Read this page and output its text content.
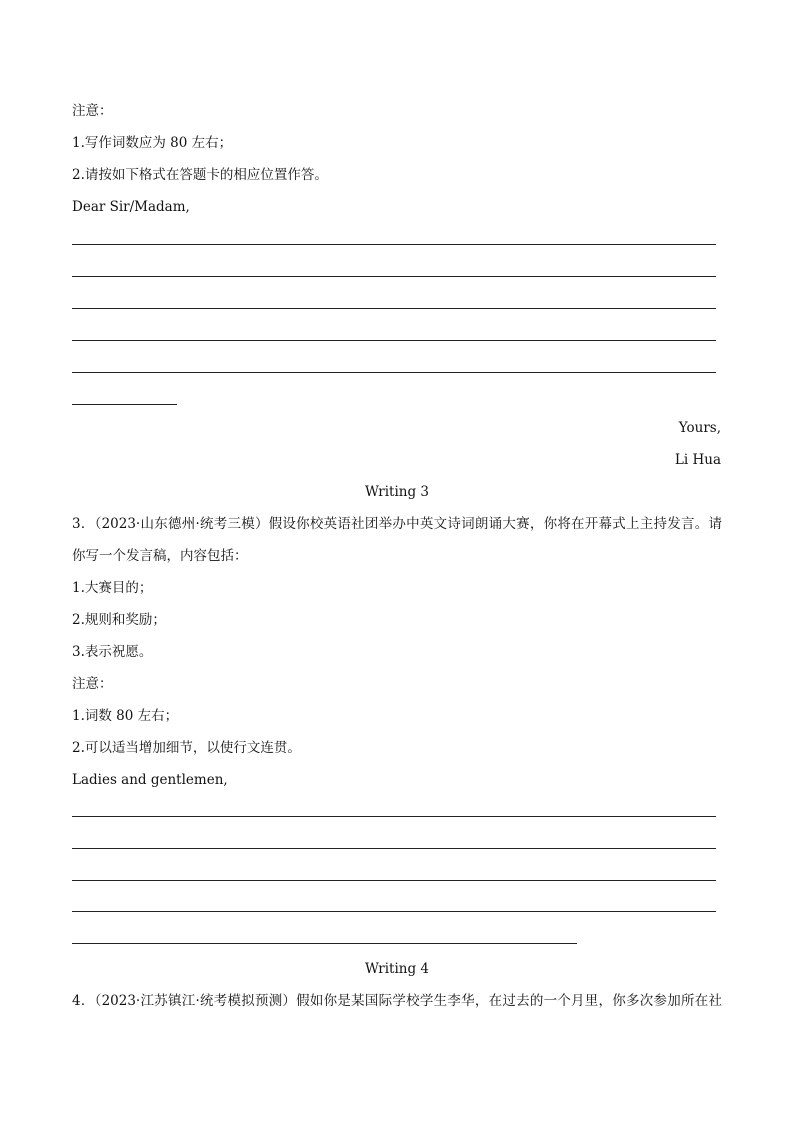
注意：
1.写作词数应为 80 左右；
2.请按如下格式在答题卡的相应位置作答。
Dear Sir/Madam,
Yours,
Li Hua
Writing 3
3．（2023·山东德州·统考三模）假设你校英语社团举办中英文诗词朗诵大赛，你将在开幕式上主持发言。请
你写一个发言稿，内容包括：
1.大赛目的；
2.规则和奖励；
3.表示祝愿。
注意：
1.词数 80 左右；
2.可以适当增加细节，以使行文连贯。
Ladies and gentlemen,
Writing 4
4．（2023·江苏镇江·统考模拟预测）假如你是某国际学校学生李华，在过去的一个月里，你多次参加所在社
